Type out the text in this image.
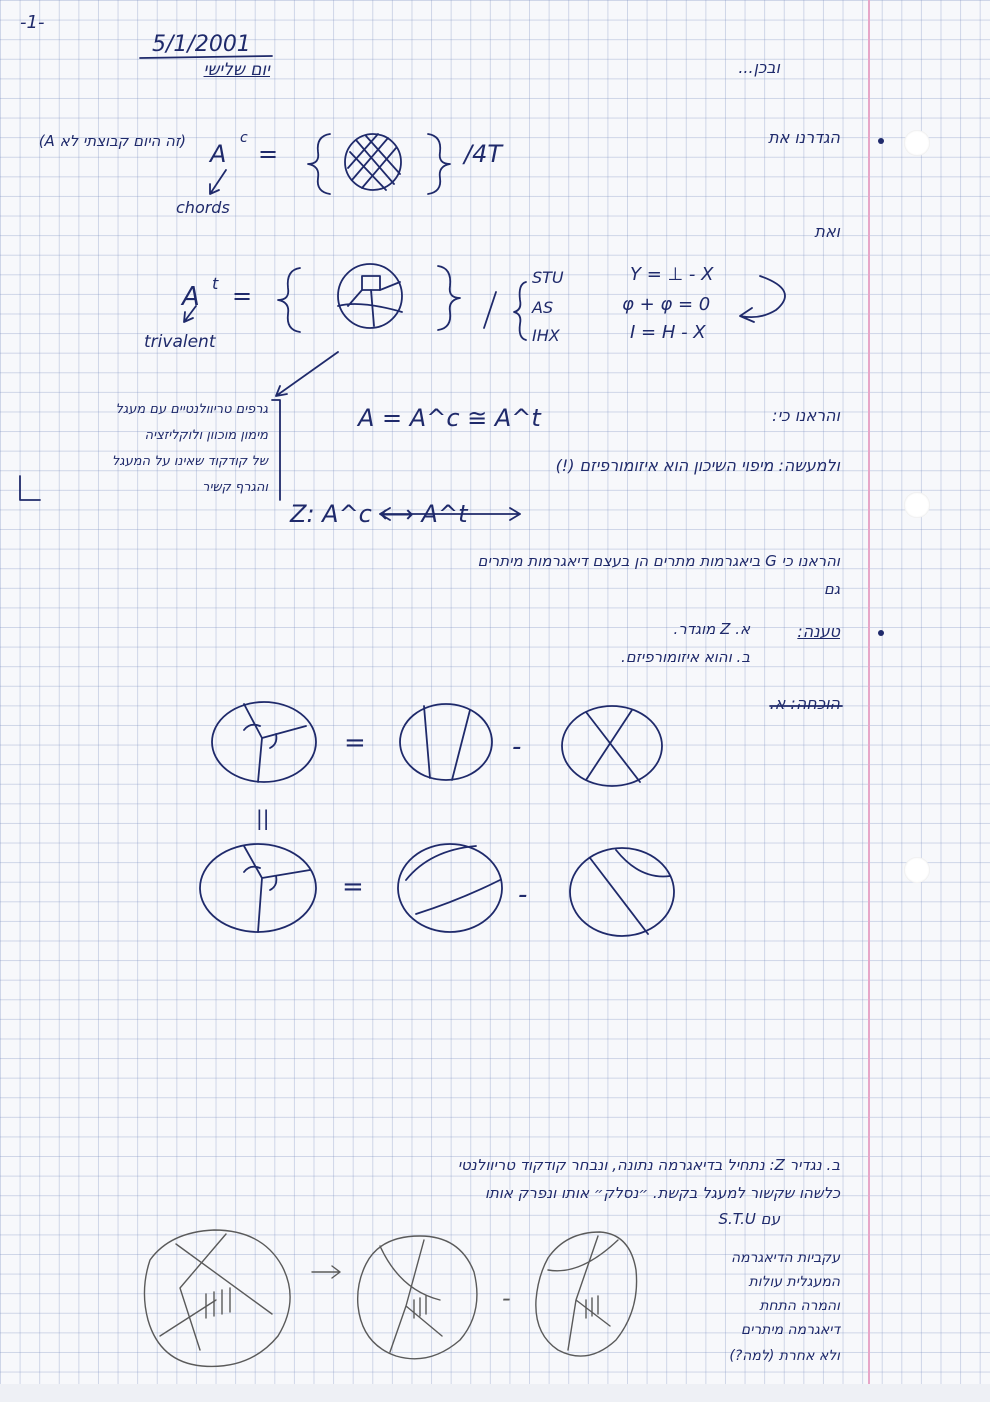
-1-
5/1/2001
יום שלישי	ובכן...
(זה היום קבוצתי לא A)	הגדרנו את
A
c
=	/4T
chords
ואת
A t =
trivalent
STU	Y = ⊥ - X
AS	φ + φ = 0
IHX	I = H - X
גרפים טריוולנטיים עם מעגל
מימון מוכוון ולוקליזציה
של קודקוד שאינו על המעגל
והגרף קשיר
A = A^c ≅ A^t	והראנו כי:
ולמעשה: מיפוי השיכון הוא איזומורפיזם (!)
Z: A^c ⟷ A^t
והראנו כי G ביאגרמות מתרים הן בעצם דיאגרמות מיתרים
גם
טענה:
א. Z מוגדר.
ב. והוא איזומורפיזם.
הוכחה: א.
=	-
||
=	-
ב. נגדיר Z: נתחיל בדיאגרמה נתונה, ונבחר קודקוד טריוולנטי
כלשהו שקשור למעגל בקשת. ״נסלק״ אותו ונפרק אותו
עם S.T.U
עקביות הדיאגרמה
המעגלית עולות
והמרה התחת
דיאגרמה מיתרים
ולא אחרת (למה?)
-
